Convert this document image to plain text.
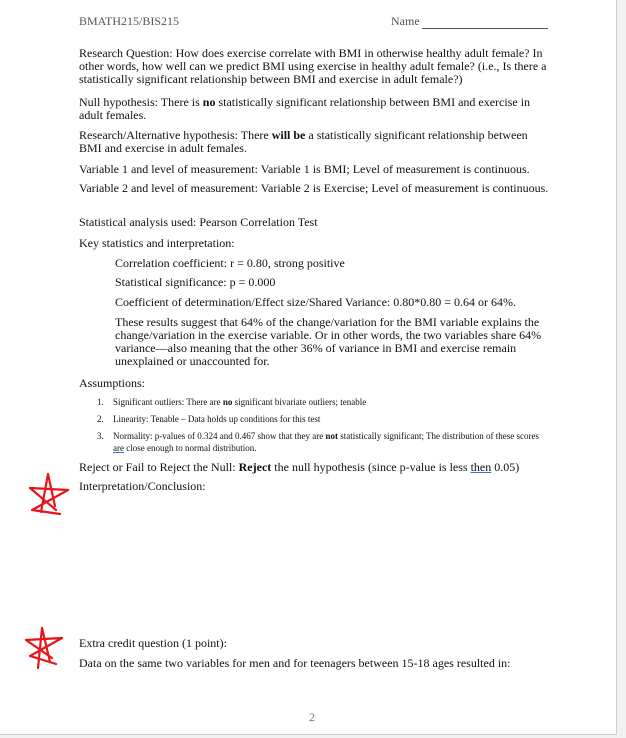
BMATH215/BIS215	Name
Research Question: How does exercise correlate with BMI in otherwise healthy adult female? In other words, how well can we predict BMI using exercise in healthy adult female? (i.e., Is there a statistically significant relationship between BMI and exercise in adult female?)
Null hypothesis: There is no statistically significant relationship between BMI and exercise in adult females.
Research/Alternative hypothesis: There will be a statistically significant relationship between BMI and exercise in adult females.
Variable 1 and level of measurement: Variable 1 is BMI; Level of measurement is continuous.
Variable 2 and level of measurement: Variable 2 is Exercise; Level of measurement is continuous.
Statistical analysis used: Pearson Correlation Test
Key statistics and interpretation:
Correlation coefficient: r = 0.80, strong positive
Statistical significance: p = 0.000
Coefficient of determination/Effect size/Shared Variance: 0.80*0.80 = 0.64 or 64%.
These results suggest that 64% of the change/variation for the BMI variable explains the change/variation in the exercise variable. Or in other words, the two variables share 64% variance—also meaning that the other 36% of variance in BMI and exercise remain unexplained or unaccounted for.
Assumptions:
1. Significant outliers: There are no significant bivariate outliers; tenable
2. Linearity: Tenable – Data holds up conditions for this test
3. Normality: p-values of 0.324 and 0.467 show that they are not statistically significant; The distribution of these scores are close enough to normal distribution.
Reject or Fail to Reject the Null: Reject the null hypothesis (since p-value is less then 0.05)
Interpretation/Conclusion:
Extra credit question (1 point):
Data on the same two variables for men and for teenagers between 15-18 ages resulted in:
2
